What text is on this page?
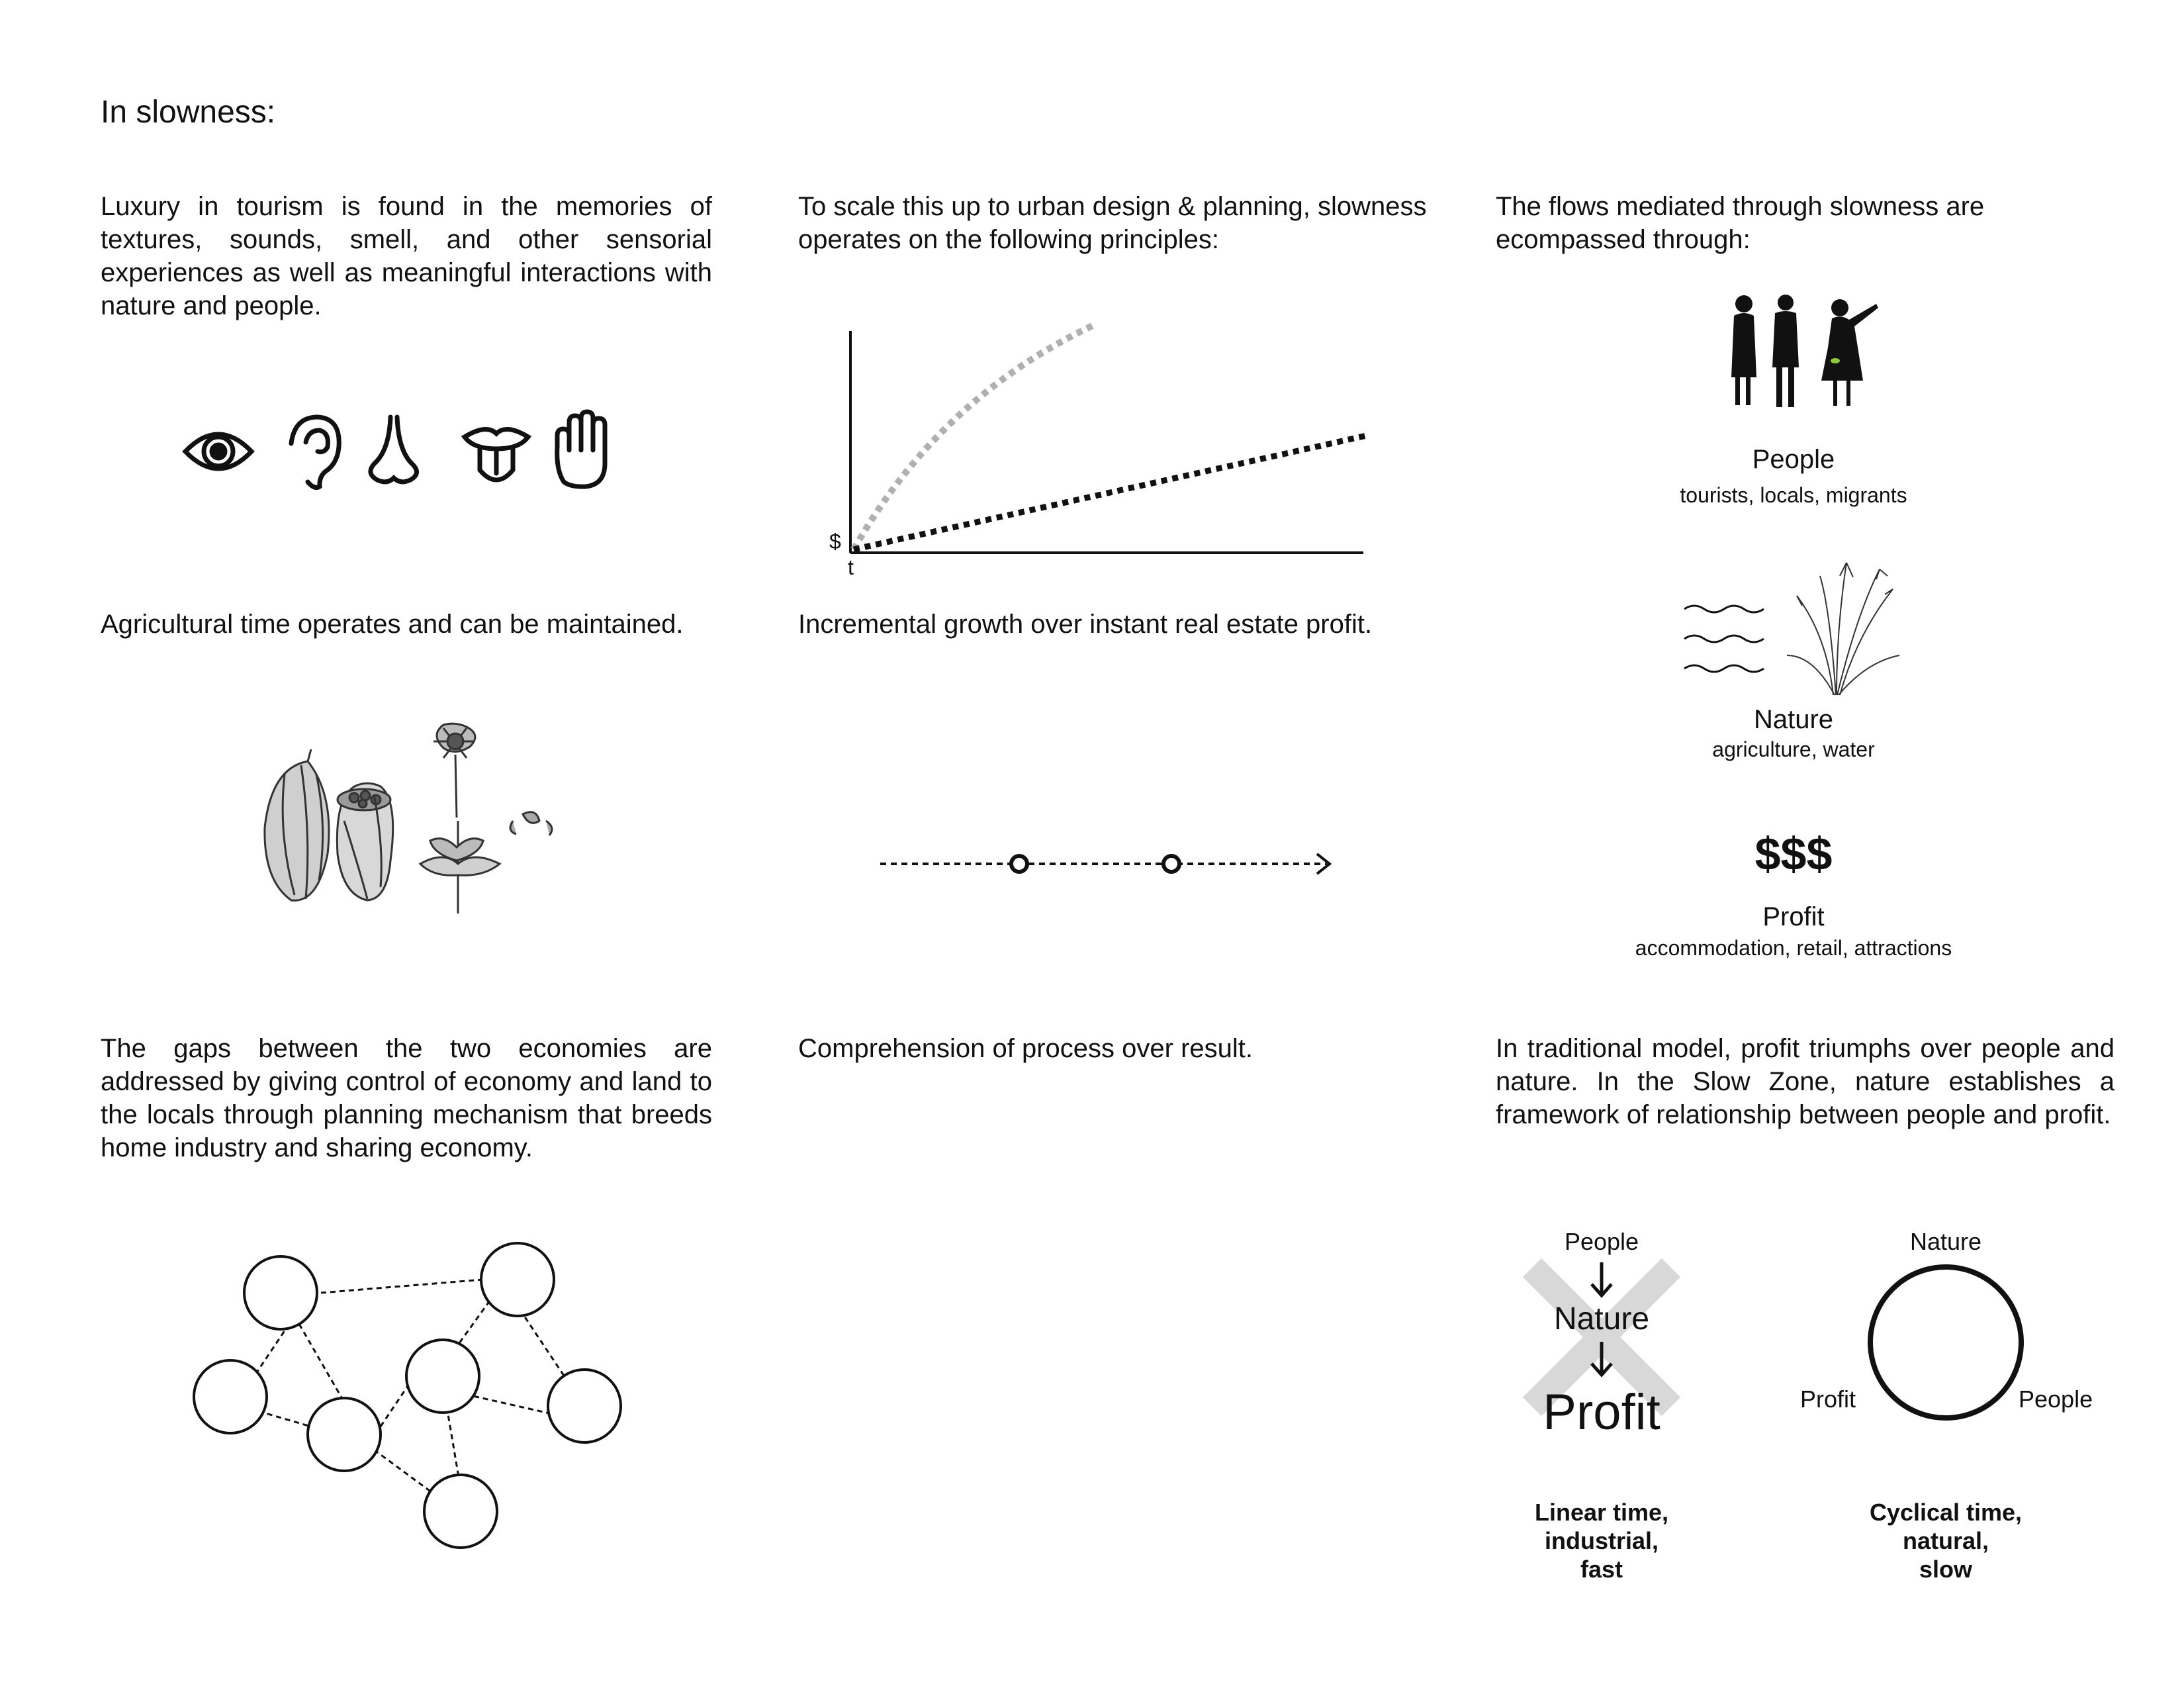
In slowness:
Luxury in tourism is found in the memories of textures, sounds, smell, and other sensorial experiences as well as meaningful interactions with nature and people.
Agricultural time operates and can be maintained.
The gaps between the two economies are addressed by giving control of economy and land to the locals through planning mechanism that breeds home industry and sharing economy.
To scale this up to urban design & planning, slowness operates on the following principles:
$
t
Incremental growth over instant real estate profit.
Comprehension of process over result.
The flows mediated through slowness are ecompassed through:
People
tourists, locals, migrants
Nature
agriculture, water
$$$
Profit
accommodation, retail, attractions
In traditional model, profit triumphs over people and nature. In the Slow Zone, nature establishes a framework of relationship between people and profit.
People
Nature
Profit
Linear time,
industrial,
fast
Nature
Profit	People
Cyclical time,
natural,
slow
